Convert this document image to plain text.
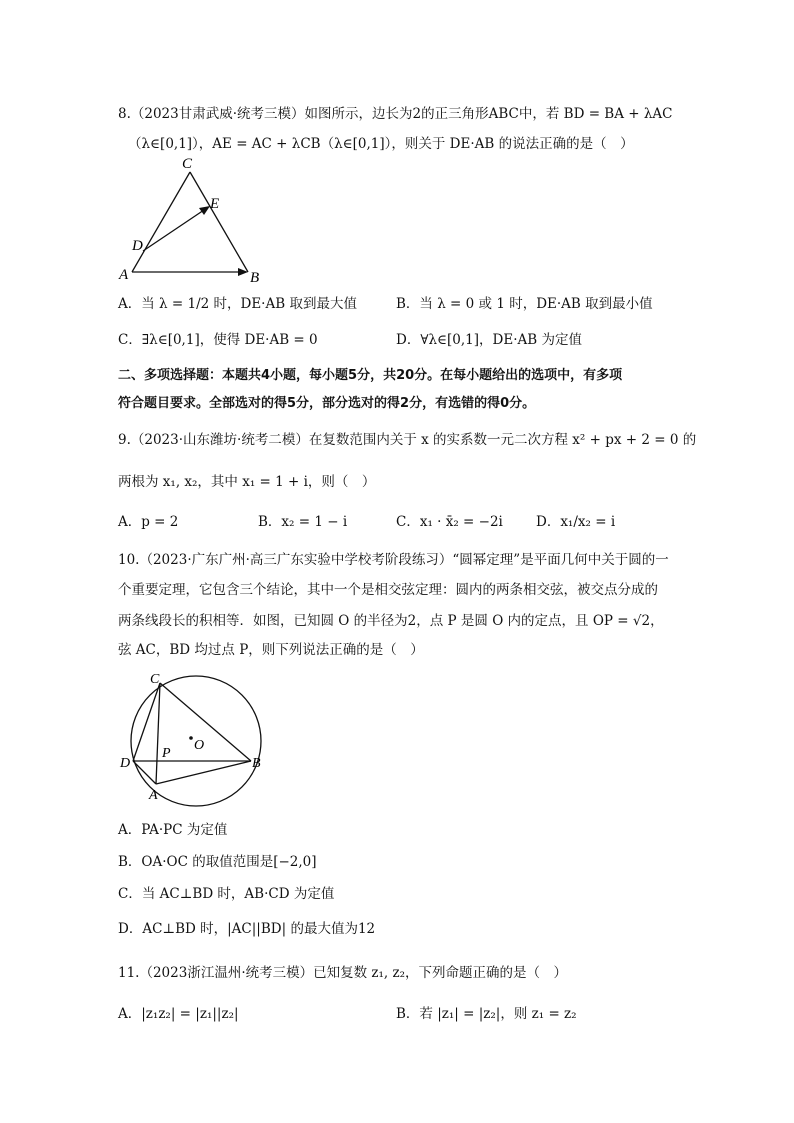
8.（2023甘肃武威·统考三模）如图所示，边长为2的正三角形ABC中，若 BD = BA + λAC
（λ∈[0,1]），AE = AC + λCB（λ∈[0,1]），则关于 DE·AB 的说法正确的是（　）
A	B
C
D
E
A．当 λ = 1/2 时，DE·AB 取到最大值	B．当 λ = 0 或 1 时，DE·AB 取到最小值
C．∃λ∈[0,1]，使得 DE·AB = 0	D．∀λ∈[0,1]，DE·AB 为定值
二、多项选择题：本题共4小题，每小题5分，共20分。在每小题给出的选项中，有多项
符合题目要求。全部选对的得5分，部分选对的得2分，有选错的得0分。
9.（2023·山东潍坊·统考二模）在复数范围内关于 x 的实系数一元二次方程 x² + px + 2 = 0 的
两根为 x₁, x₂，其中 x₁ = 1 + i，则（　）
A．p = 2	B．x₂ = 1 − i	C．x₁ · x̄₂ = −2i D．x₁/x₂ = i
10.（2023·广东广州·高三广东实验中学校考阶段练习）“圆幂定理”是平面几何中关于圆的一
个重要定理，它包含三个结论，其中一个是相交弦定理：圆内的两条相交弦，被交点分成的
两条线段长的积相等．如图，已知圆 O 的半径为2，点 P 是圆 O 内的定点，且 OP = √2，
弦 AC，BD 均过点 P，则下列说法正确的是（　）
C
D	B
A
P
O
A．PA·PC 为定值
B．OA·OC 的取值范围是[−2,0]
C．当 AC⊥BD 时，AB·CD 为定值
D．AC⊥BD 时，|AC||BD| 的最大值为12
11.（2023浙江温州·统考三模）已知复数 z₁, z₂，下列命题正确的是（　）
A．|z₁z₂| = |z₁||z₂|	B．若 |z₁| = |z₂|，则 z₁ = z₂
